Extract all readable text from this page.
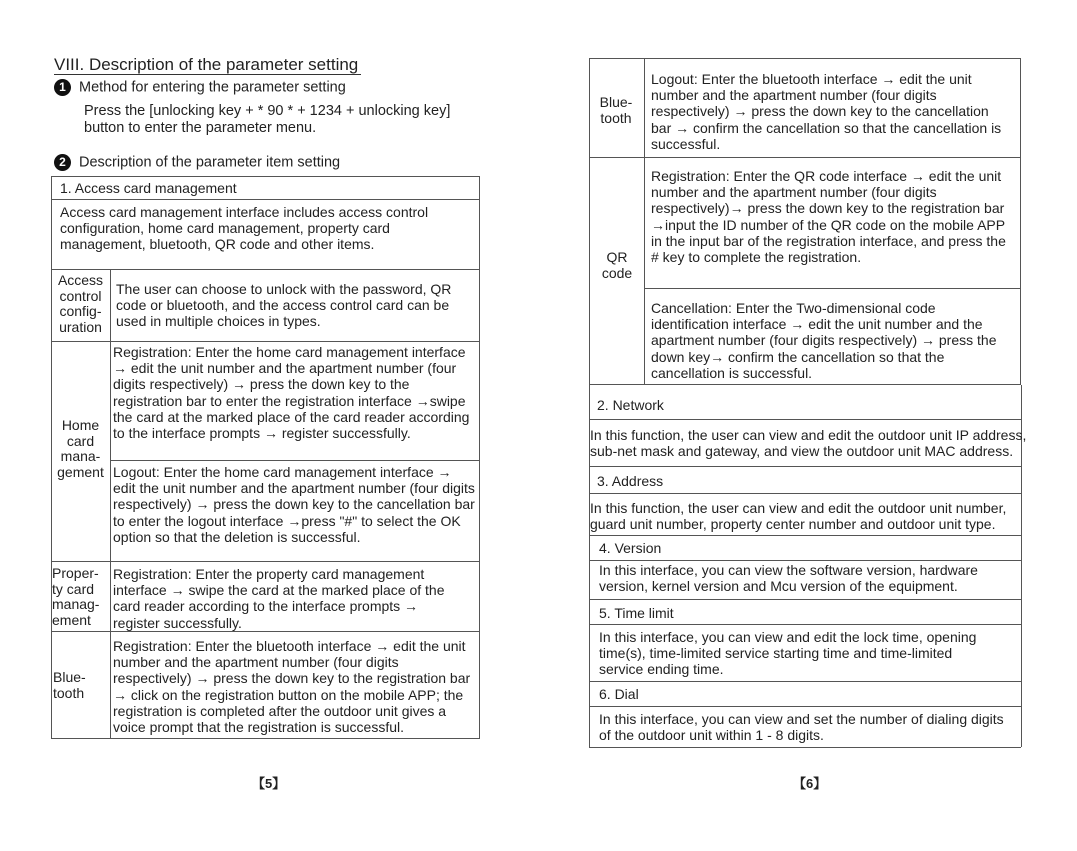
VIII. Description of the parameter setting
1 Method for entering the parameter setting
Press the [unlocking key + * 90 * + 1234 + unlocking key] button to enter the parameter menu.
2 Description of the parameter item setting
1. Access card management
Access card management interface includes access control configuration, home card management, property card management, bluetooth, QR code and other items.
Access control config- uration
The user can choose to unlock with the password, QR code or bluetooth, and the access control card can be used in multiple choices in types.
Home card mana- gement
Registration: Enter the home card management interface → edit the unit number and the apartment number (four digits respectively) → press the down key to the registration bar to enter the registration interface →swipe the card at the marked place of the card reader according to the interface prompts → register successfully.
Logout: Enter the home card management interface → edit the unit number and the apartment number (four digits respectively) → press the down key to the cancellation bar to enter the logout interface →press "#" to select the OK option so that the deletion is successful.
Proper- ty card manag- ement
Registration: Enter the property card management interface → swipe the card at the marked place of the card reader according to the interface prompts → register successfully.
Blue- tooth
Registration: Enter the bluetooth interface → edit the unit number and the apartment number (four digits respectively) → press the down key to the registration bar → click on the registration button on the mobile APP; the registration is completed after the outdoor unit gives a voice prompt that the registration is successful.
【5】
Blue- tooth
Logout: Enter the bluetooth interface → edit the unit number and the apartment number (four digits respectively) → press the down key to the cancellation bar → confirm the cancellation so that the cancellation is successful.
QR code
Registration: Enter the QR code interface → edit the unit number and the apartment number (four digits respectively)→ press the down key to the registration bar →input the ID number of the QR code on the mobile APP in the input bar of the registration interface, and press the # key to complete the registration.
Cancellation: Enter the Two-dimensional code identification interface → edit the unit number and the apartment number (four digits respectively) → press the down key→ confirm the cancellation so that the cancellation is successful.
2. Network
In this function, the user can view and edit the outdoor unit IP address, sub-net mask and gateway, and view the outdoor unit MAC address.
3. Address
In this function, the user can view and edit the outdoor unit number, guard unit number, property center number and outdoor unit type.
4. Version
In this interface, you can view the software version, hardware version, kernel version and Mcu version of the equipment.
5. Time limit
In this interface, you can view and edit the lock time, opening time(s), time-limited service starting time and time-limited service ending time.
6. Dial
In this interface, you can view and set the number of dialing digits of the outdoor unit within 1 - 8 digits.
【6】
